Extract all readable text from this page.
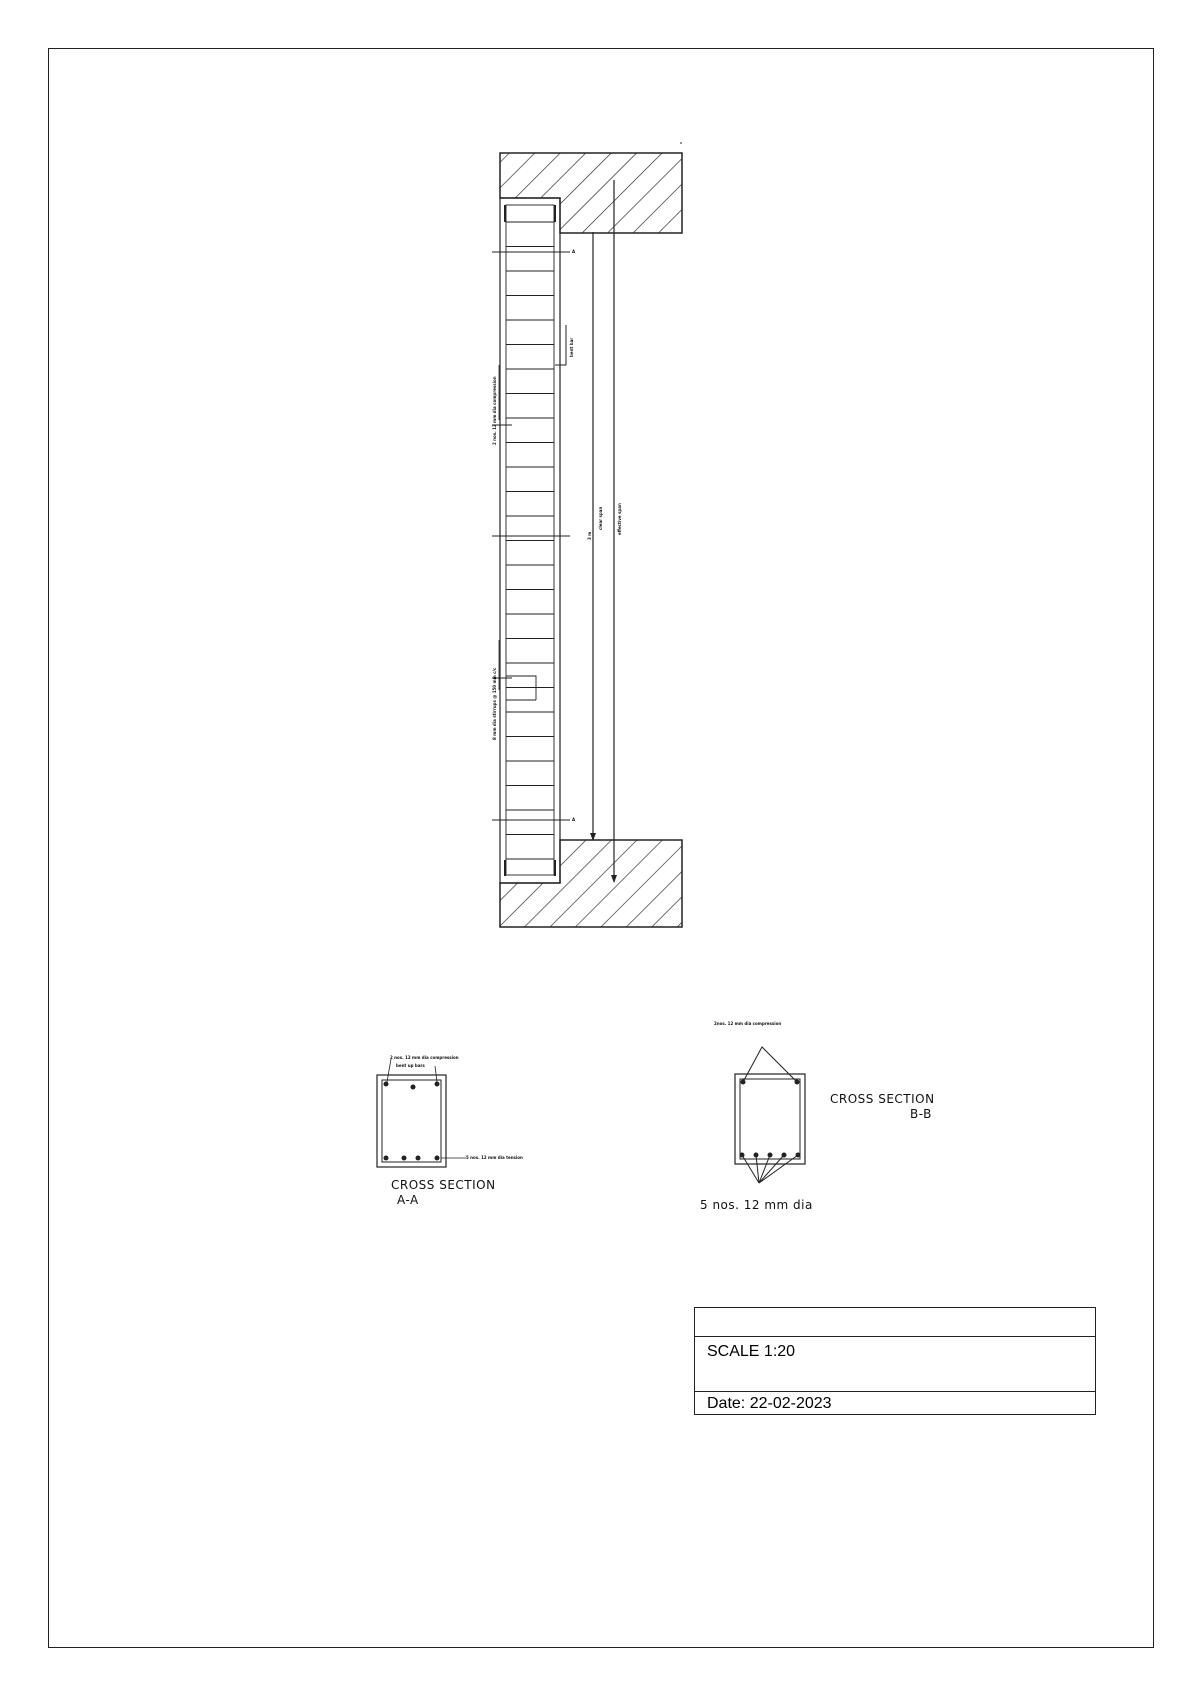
2 nos. 12 mm dia compression
8 mm dia stirrups @ 150 mm c/c
bent bar
3 m
clear span	effective span
A
A
2 nos. 12 mm dia compression
bent up bars
5 nos. 12 mm dia tension
CROSS SECTION
A-A
2nos. 12 mm dia compression
CROSS SECTION
B-B
5 nos. 12 mm dia
SCALE 1:20
Date: 22-02-2023
